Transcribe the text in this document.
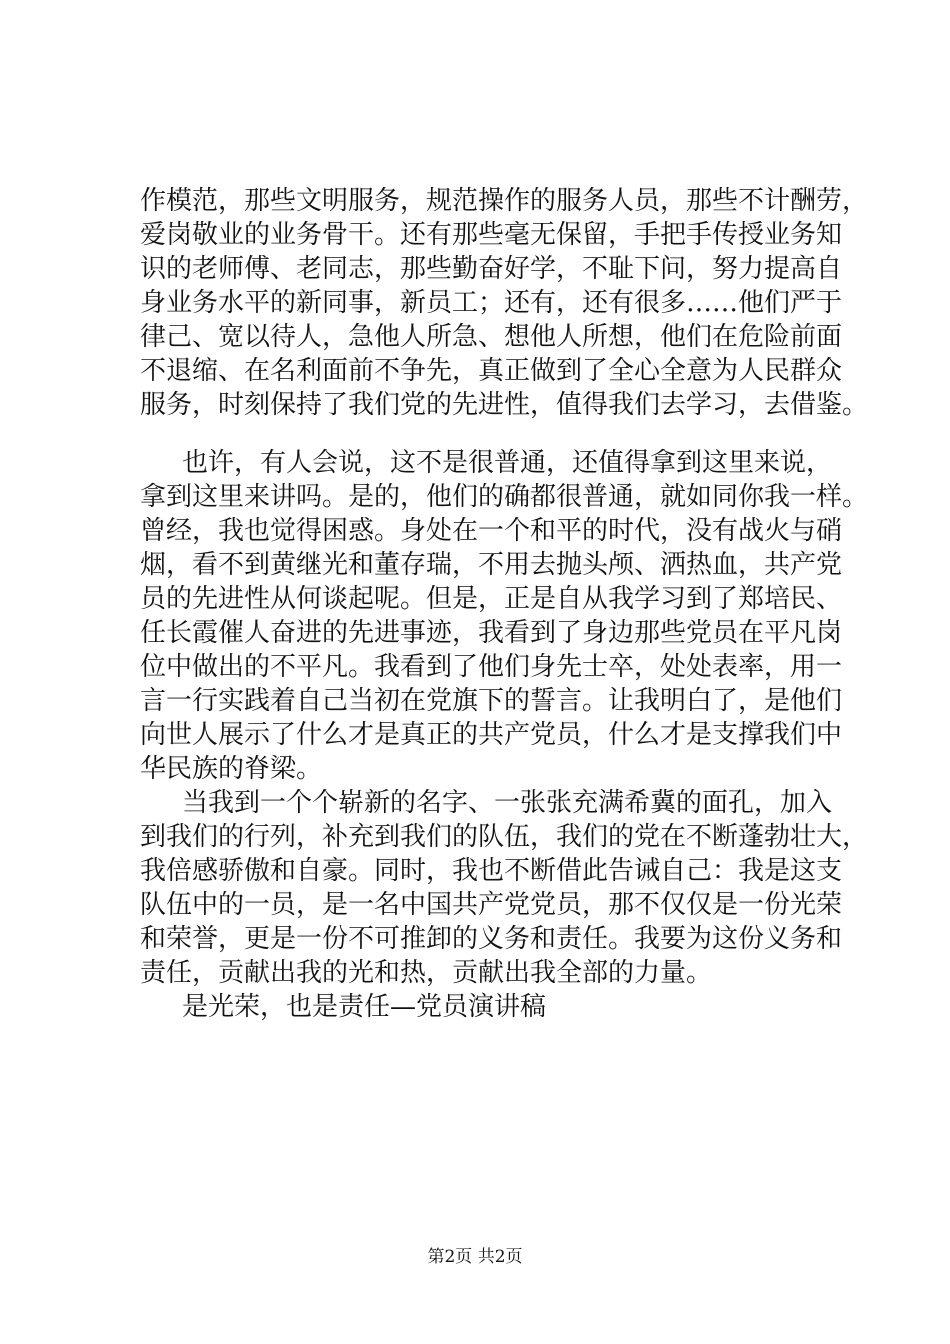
作模范，那些文明服务，规范操作的服务人员，那些不计酬劳，
爱岗敬业的业务骨干。还有那些毫无保留，手把手传授业务知
识的老师傅、老同志，那些勤奋好学，不耻下问，努力提高自
身业务水平的新同事，新员工；还有，还有很多……他们严于
律己、宽以待人，急他人所急、想他人所想，他们在危险前面
不退缩、在名利面前不争先，真正做到了全心全意为人民群众
服务，时刻保持了我们党的先进性，值得我们去学习，去借鉴。
也许，有人会说，这不是很普通，还值得拿到这里来说，
拿到这里来讲吗。是的，他们的确都很普通，就如同你我一样。
曾经，我也觉得困惑。身处在一个和平的时代，没有战火与硝
烟，看不到黄继光和董存瑞，不用去抛头颅、洒热血，共产党
员的先进性从何谈起呢。但是，正是自从我学习到了郑培民、
任长霞催人奋进的先进事迹，我看到了身边那些党员在平凡岗
位中做出的不平凡。我看到了他们身先士卒，处处表率，用一
言一行实践着自己当初在党旗下的誓言。让我明白了，是他们
向世人展示了什么才是真正的共产党员，什么才是支撑我们中
华民族的脊梁。
当我到一个个崭新的名字、一张张充满希冀的面孔，加入
到我们的行列，补充到我们的队伍，我们的党在不断蓬勃壮大，
我倍感骄傲和自豪。同时，我也不断借此告诫自己：我是这支
队伍中的一员，是一名中国共产党党员，那不仅仅是一份光荣
和荣誉，更是一份不可推卸的义务和责任。我要为这份义务和
责任，贡献出我的光和热，贡献出我全部的力量。
是光荣，也是责任—党员演讲稿
第2页 共2页
